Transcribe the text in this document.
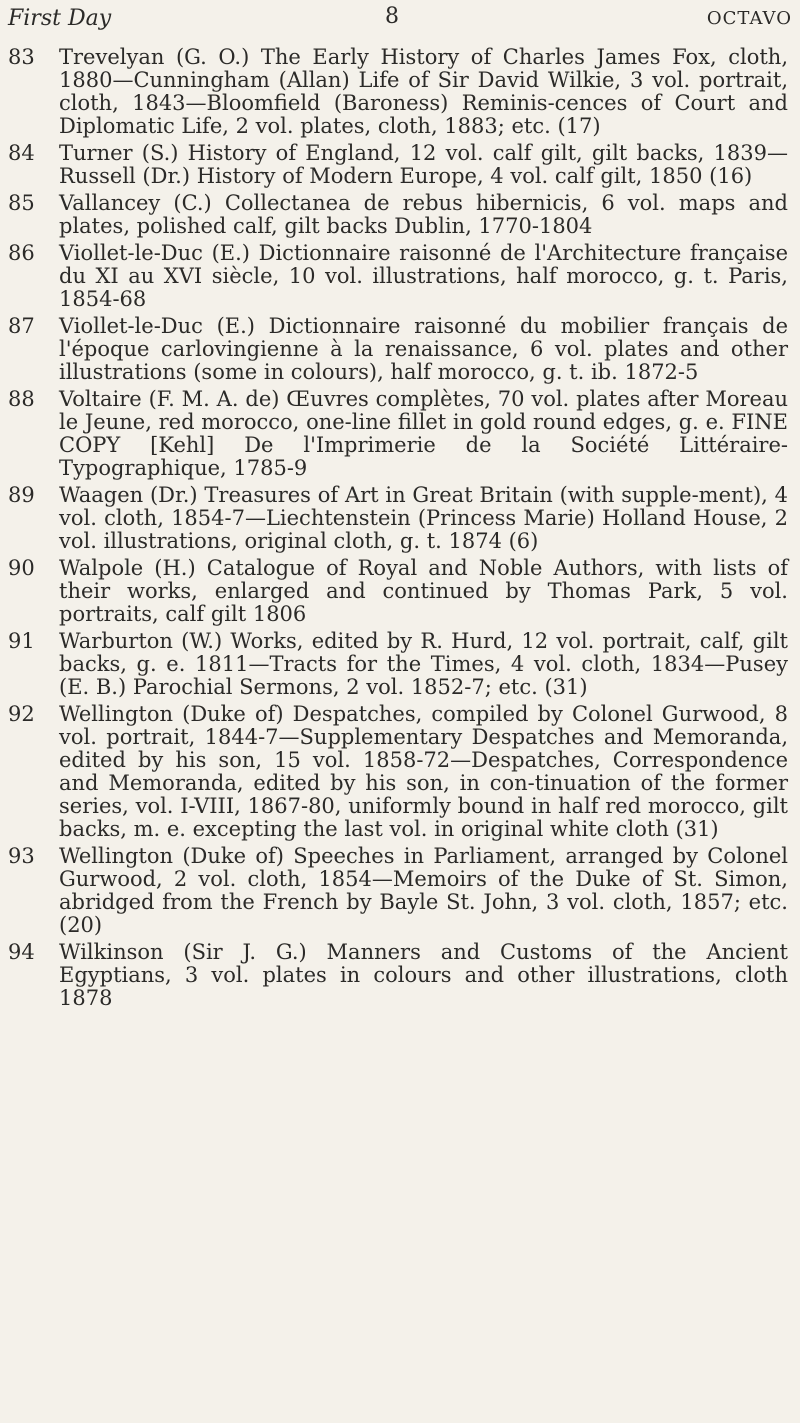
First Day	8	OCTAVO
83	Trevelyan (G. O.) The Early History of Charles James Fox, cloth, 1880—Cunningham (Allan) Life of Sir David Wilkie, 3 vol. portrait, cloth, 1843—Bloomfield (Baroness) Reminis-cences of Court and Diplomatic Life, 2 vol. plates, cloth, 1883; etc. (17)
84	Turner (S.) History of England, 12 vol. calf gilt, gilt backs, 1839—Russell (Dr.) History of Modern Europe, 4 vol. calf gilt, 1850 (16)
85	Vallancey (C.) Collectanea de rebus hibernicis, 6 vol. maps and plates, polished calf, gilt backs Dublin, 1770-1804
86	Viollet-le-Duc (E.) Dictionnaire raisonné de l'Architecture française du XI au XVI siècle, 10 vol. illustrations, half morocco, g. t. Paris, 1854-68
87	Viollet-le-Duc (E.) Dictionnaire raisonné du mobilier français de l'époque carlovingienne à la renaissance, 6 vol. plates and other illustrations (some in colours), half morocco, g. t. ib. 1872-5
88	Voltaire (F. M. A. de) Œuvres complètes, 70 vol. plates after Moreau le Jeune, red morocco, one-line fillet in gold round edges, g. e. FINE COPY [Kehl] De l'Imprimerie de la Société Littéraire-Typographique, 1785-9
89	Waagen (Dr.) Treasures of Art in Great Britain (with supple-ment), 4 vol. cloth, 1854-7—Liechtenstein (Princess Marie) Holland House, 2 vol. illustrations, original cloth, g. t. 1874 (6)
90	Walpole (H.) Catalogue of Royal and Noble Authors, with lists of their works, enlarged and continued by Thomas Park, 5 vol. portraits, calf gilt 1806
91	Warburton (W.) Works, edited by R. Hurd, 12 vol. portrait, calf, gilt backs, g. e. 1811—Tracts for the Times, 4 vol. cloth, 1834—Pusey (E. B.) Parochial Sermons, 2 vol. 1852-7; etc. (31)
92	Wellington (Duke of) Despatches, compiled by Colonel Gurwood, 8 vol. portrait, 1844-7—Supplementary Despatches and Memoranda, edited by his son, 15 vol. 1858-72—Despatches, Correspondence and Memoranda, edited by his son, in con-tinuation of the former series, vol. I-VIII, 1867-80, uniformly bound in half red morocco, gilt backs, m. e. excepting the last vol. in original white cloth (31)
93	Wellington (Duke of) Speeches in Parliament, arranged by Colonel Gurwood, 2 vol. cloth, 1854—Memoirs of the Duke of St. Simon, abridged from the French by Bayle St. John, 3 vol. cloth, 1857; etc. (20)
94	Wilkinson (Sir J. G.) Manners and Customs of the Ancient Egyptians, 3 vol. plates in colours and other illustrations, cloth 1878
